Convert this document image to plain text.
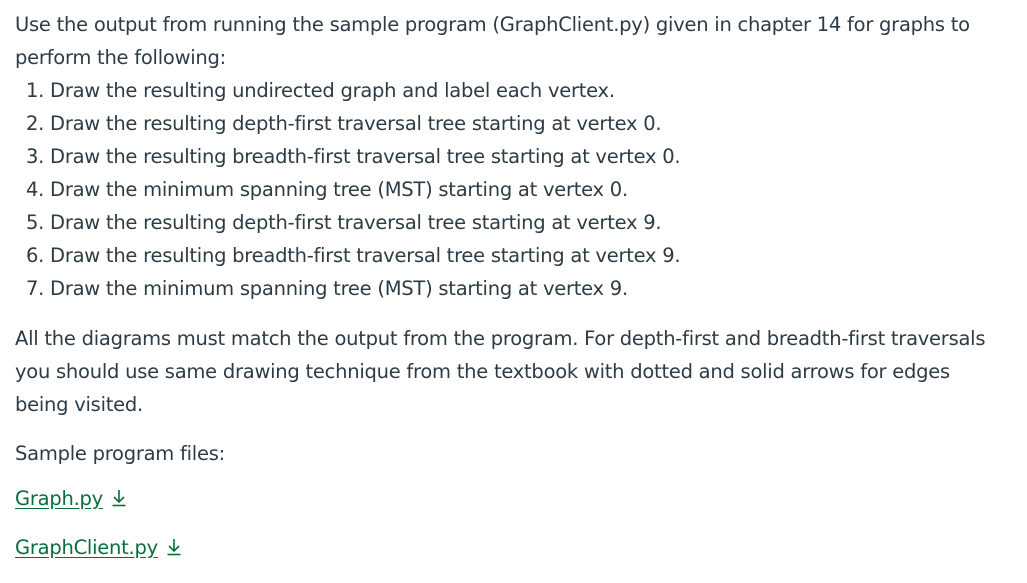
Use the output from running the sample program (GraphClient.py) given in chapter 14 for graphs to perform the following:

1. Draw the resulting undirected graph and label each vertex.
2. Draw the resulting depth-first traversal tree starting at vertex 0.
3. Draw the resulting breadth-first traversal tree starting at vertex 0.
4. Draw the minimum spanning tree (MST) starting at vertex 0.
5. Draw the resulting depth-first traversal tree starting at vertex 9.
6. Draw the resulting breadth-first traversal tree starting at vertex 9.
7. Draw the minimum spanning tree (MST) starting at vertex 9.

All the diagrams must match the output from the program. For depth-first and breadth-first traversals you should use same drawing technique from the textbook with dotted and solid arrows for edges being visited.

Sample program files:

Graph.py
GraphClient.py
